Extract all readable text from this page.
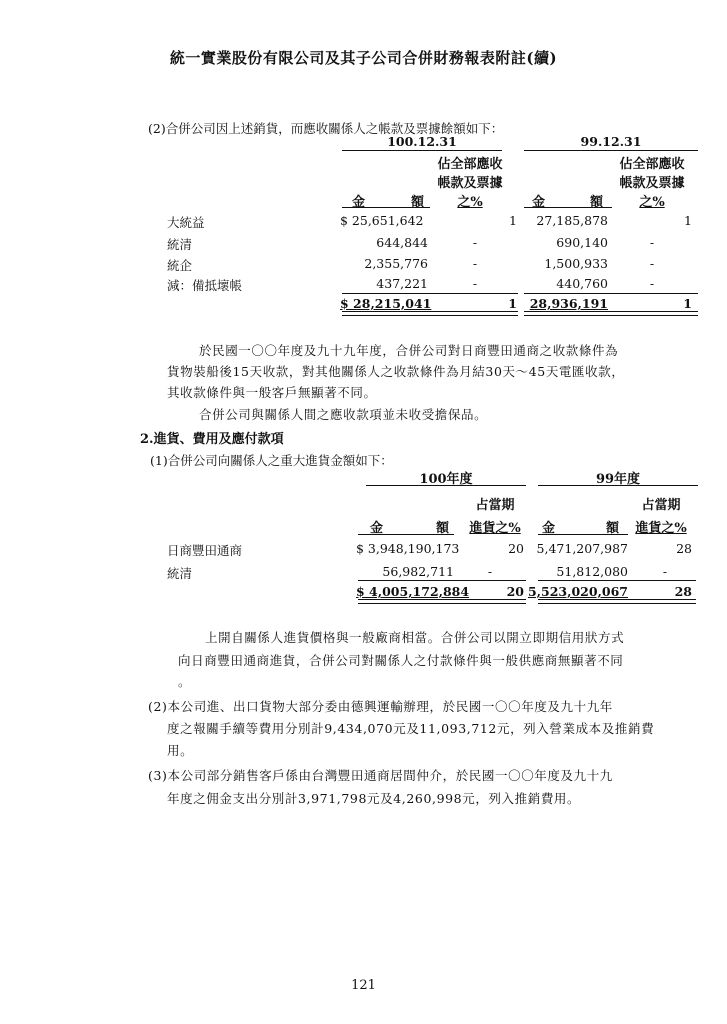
統一實業股份有限公司及其子公司合併財務報表附註(續)
(2)合併公司因上述銷貨，而應收關係人之帳款及票據餘額如下：
100.12.31	99.12.31
佔全部應收
帳款及票據
之%
佔全部應收
帳款及票據
之%
金	額	金	額
大統益	$ 25,651,642	1	27,185,878	1
統清	644,844	-	690,140	-
統企	2,355,776	-	1,500,933	-
減：備抵壞帳	437,221	-	440,760	-
$ 28,215,041	1	28,936,191	1
於民國一〇〇年度及九十九年度，合併公司對日商豐田通商之收款條件為
貨物裝船後15天收款，對其他關係人之收款條件為月結30天～45天電匯收款，
其收款條件與一般客戶無顯著不同。
合併公司與關係人間之應收款項並未收受擔保品。
2.進貨、費用及應付款項
(1)合併公司向關係人之重大進貨金額如下：
100年度	99年度
占當期
進貨之%
占當期
進貨之%
金	額	金	額
日商豐田通商	$ 3,948,190,173	20	5,471,207,987	28
統清	56,982,711	-	51,812,080	-
$ 4,005,172,884	20 5,523,020,067	28
上開自關係人進貨價格與一般廠商相當。合併公司以開立即期信用狀方式
向日商豐田通商進貨，合併公司對關係人之付款條件與一般供應商無顯著不同
。
(2)本公司進、出口貨物大部分委由德興運輸辦理，於民國一〇〇年度及九十九年
度之報關手續等費用分別計9,434,070元及11,093,712元，列入營業成本及推銷費
用。
(3)本公司部分銷售客戶係由台灣豐田通商居間仲介，於民國一〇〇年度及九十九
年度之佣金支出分別計3,971,798元及4,260,998元，列入推銷費用。
121
